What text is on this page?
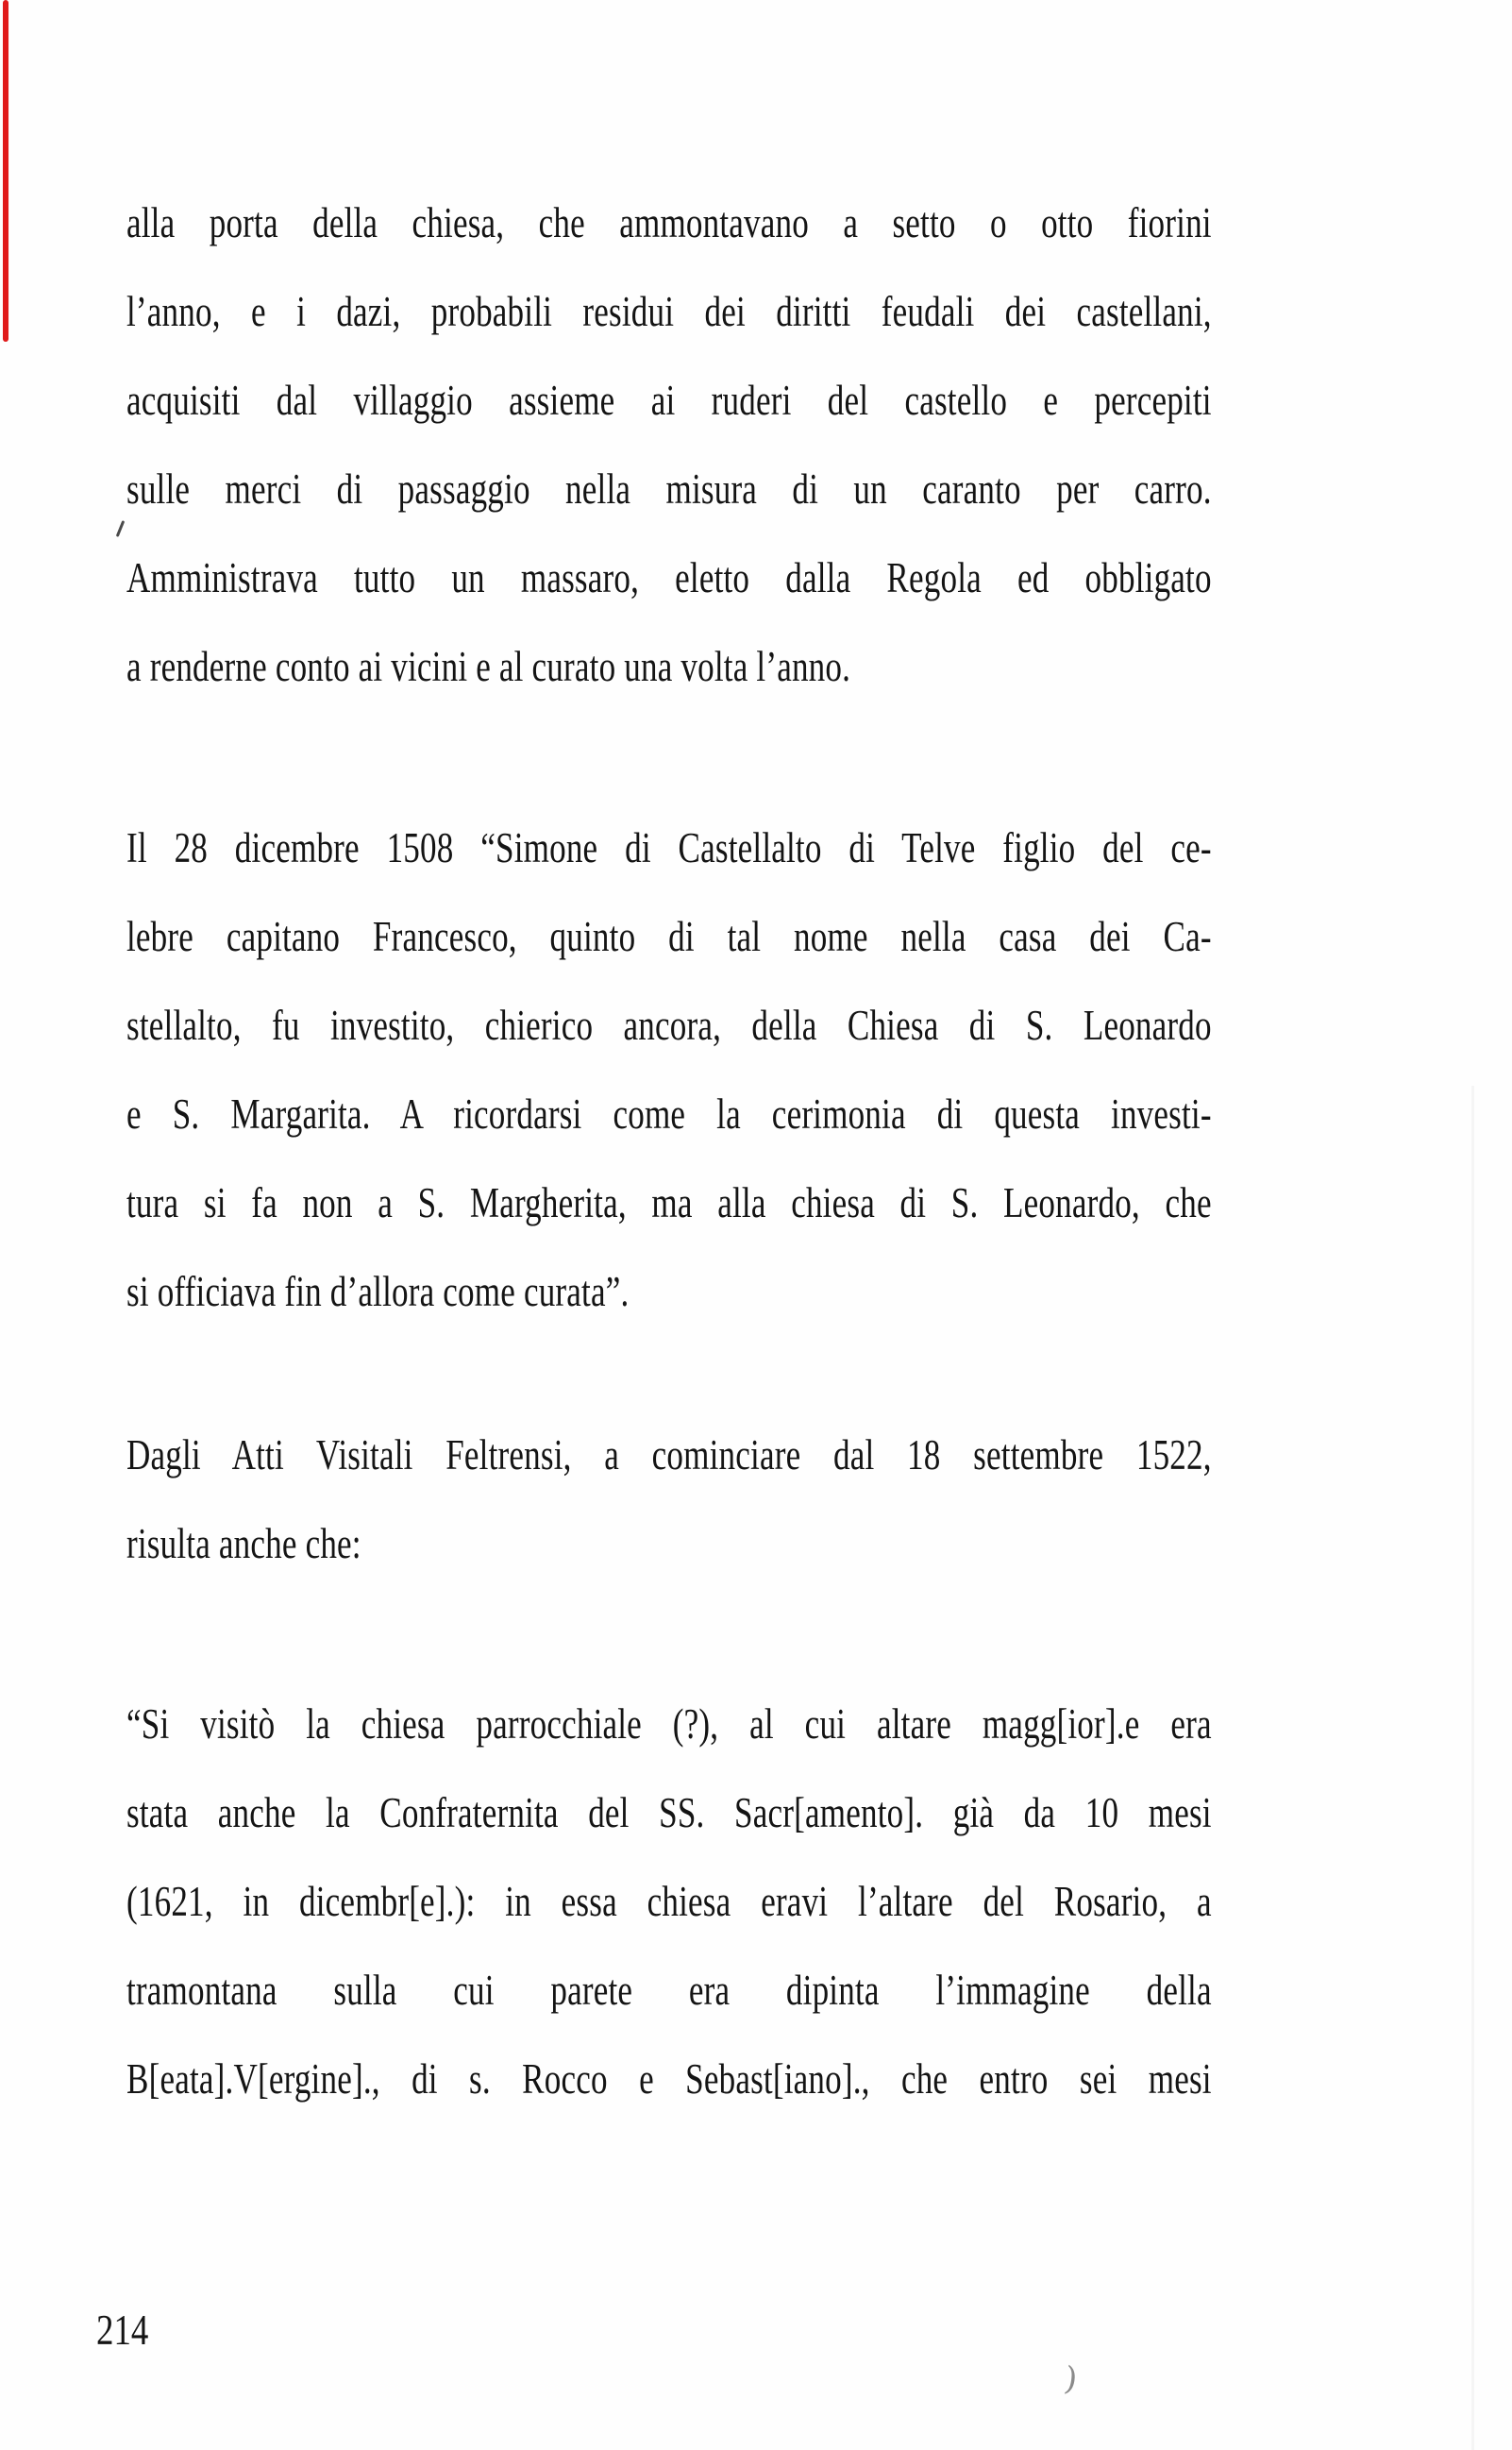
alla porta della chiesa, che ammontavano a setto o otto fiorini
l’anno, e i dazi, probabili residui dei diritti feudali dei castellani,
acquisiti dal villaggio assieme ai ruderi del castello e percepiti
sulle merci di passaggio nella misura di un caranto per carro.
Amministrava tutto un massaro, eletto dalla Regola ed obbligato
a renderne conto ai vicini e al curato una volta l’anno.
Il 28 dicembre 1508 “Simone di Castellalto di Telve figlio del ce-
lebre capitano Francesco, quinto di tal nome nella casa dei Ca-
stellalto, fu investito, chierico ancora, della Chiesa di S. Leonardo
e S. Margarita. A ricordarsi come la cerimonia di questa investi-
tura si fa non a S. Margherita, ma alla chiesa di S. Leonardo, che
si officiava fin d’allora come curata”.
Dagli Atti Visitali Feltrensi, a cominciare dal 18 settembre 1522,
risulta anche che:
“Si visitò la chiesa parrocchiale (?), al cui altare magg[ior].e era
stata anche la Confraternita del SS. Sacr[amento]. già da 10 mesi
(1621, in dicembr[e].): in essa chiesa eravi l’altare del Rosario, a
tramontana sulla cui parete era dipinta l’immagine della
B[eata].V[ergine]., di s. Rocco e Sebast[iano]., che entro sei mesi
214
)
